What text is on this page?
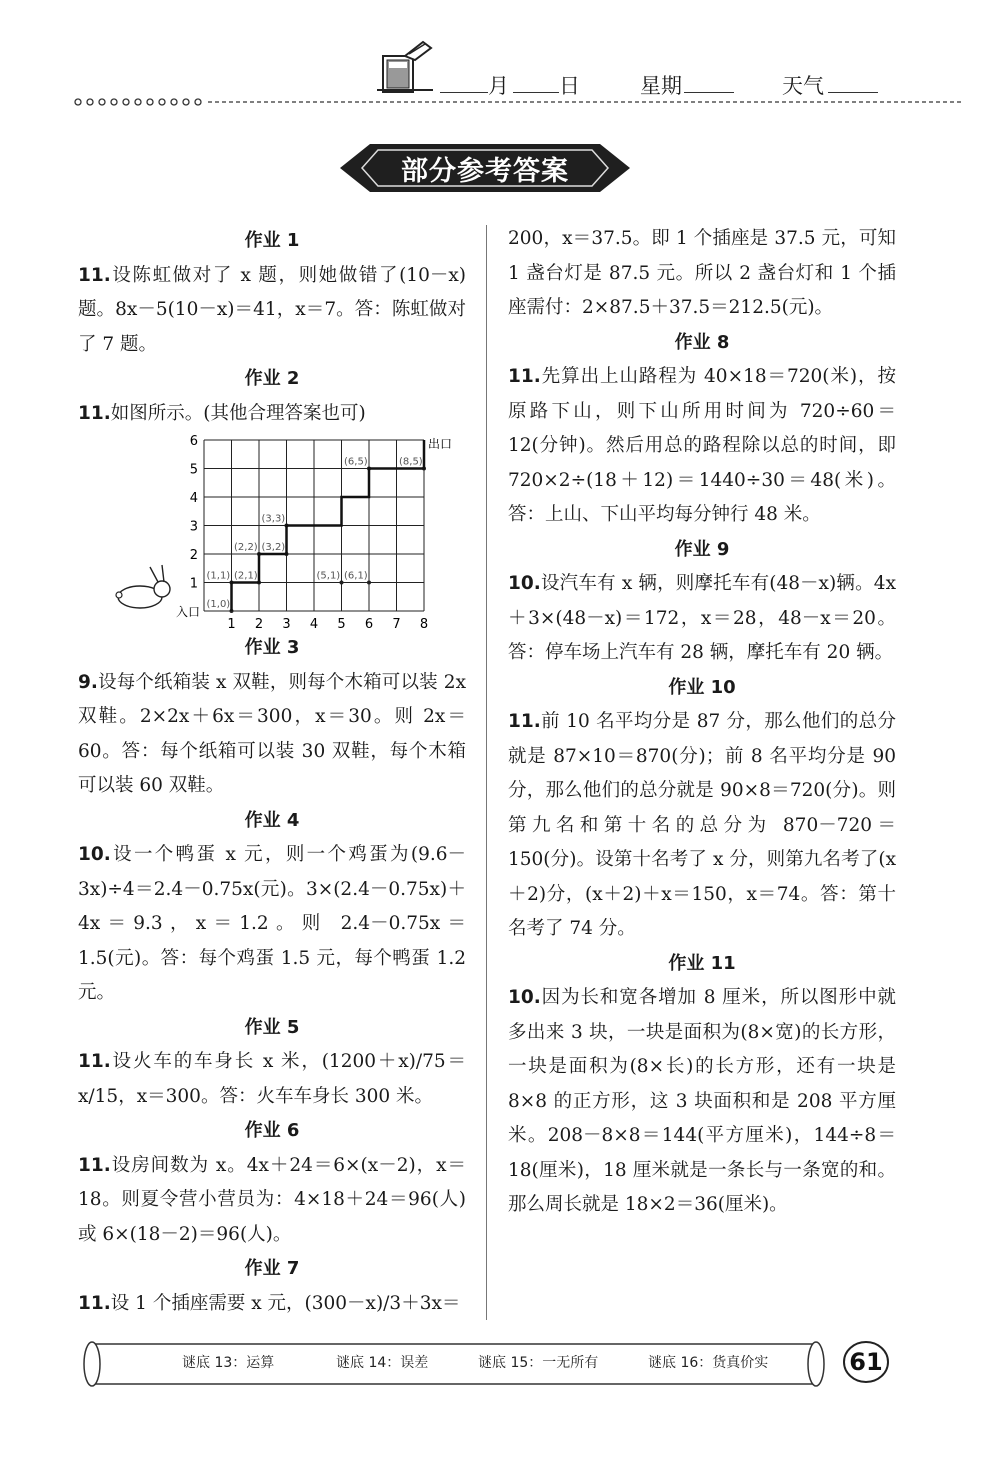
月 日	星期	天气
部分参考答案

作业 1

11.设陈虹做对了 x 题，则她做错了(10－x)题。8x－5(10－x)＝41，x＝7。答：陈虹做对了 7 题。

作业 2

11.如图所示。(其他合理答案也可)

1 2 3 4 5 6 7 8
1
2
3
4
5
6
入口
出口
(1,0)
(1,1) (2,1)
(2,2) (3,2)
(3,3)
(5,1)
(6,5)
(6,1)
(8,5)

作业 3

9.设每个纸箱装 x 双鞋，则每个木箱可以装 2x 双鞋。2×2x＋6x＝300，x＝30。则 2x＝60。答：每个纸箱可以装 30 双鞋，每个木箱可以装 60 双鞋。

作业 4

10.设一个鸭蛋 x 元，则一个鸡蛋为(9.6－3x)÷4＝2.4－0.75x(元)。3×(2.4－0.75x)＋4x＝9.3，x＝1.2。则 2.4－0.75x＝1.5(元)。答：每个鸡蛋 1.5 元，每个鸭蛋 1.2 元。

作业 5

11.设火车的车身长 x 米，(1200＋x)/75＝x/15，x＝300。答：火车车身长 300 米。

作业 6

11.设房间数为 x。4x＋24＝6×(x－2)，x＝18。则夏令营小营员为：4×18＋24＝96(人)或 6×(18－2)＝96(人)。

作业 7

11.设 1 个插座需要 x 元，(300－x)/3＋3x＝

200，x＝37.5。即 1 个插座是 37.5 元，可知 1 盏台灯是 87.5 元。所以 2 盏台灯和 1 个插座需付：2×87.5＋37.5＝212.5(元)。

作业 8

11.先算出上山路程为 40×18＝720(米)，按原路下山，则下山所用时间为 720÷60＝12(分钟)。然后用总的路程除以总的时间，即 720×2÷(18＋12)＝1440÷30＝48(米)。答：上山、下山平均每分钟行 48 米。

作业 9

10.设汽车有 x 辆，则摩托车有(48－x)辆。4x＋3×(48－x)＝172，x＝28，48－x＝20。答：停车场上汽车有 28 辆，摩托车有 20 辆。

作业 10

11.前 10 名平均分是 87 分，那么他们的总分就是 87×10＝870(分)；前 8 名平均分是 90 分，那么他们的总分就是 90×8＝720(分)。则第九名和第十名的总分为 870－720＝150(分)。设第十名考了 x 分，则第九名考了(x＋2)分，(x＋2)＋x＝150，x＝74。答：第十名考了 74 分。

作业 11

10.因为长和宽各增加 8 厘米，所以图形中就多出来 3 块，一块是面积为(8×宽)的长方形，一块是面积为(8×长)的长方形，还有一块是 8×8 的正方形，这 3 块面积和是 208 平方厘米。208－8×8＝144(平方厘米)，144÷8＝18(厘米)，18 厘米就是一条长与一条宽的和。那么周长就是 18×2＝36(厘米)。

谜底 13：运算	谜底 14：误差	谜底 15：一无所有	谜底 16：货真价实	61
